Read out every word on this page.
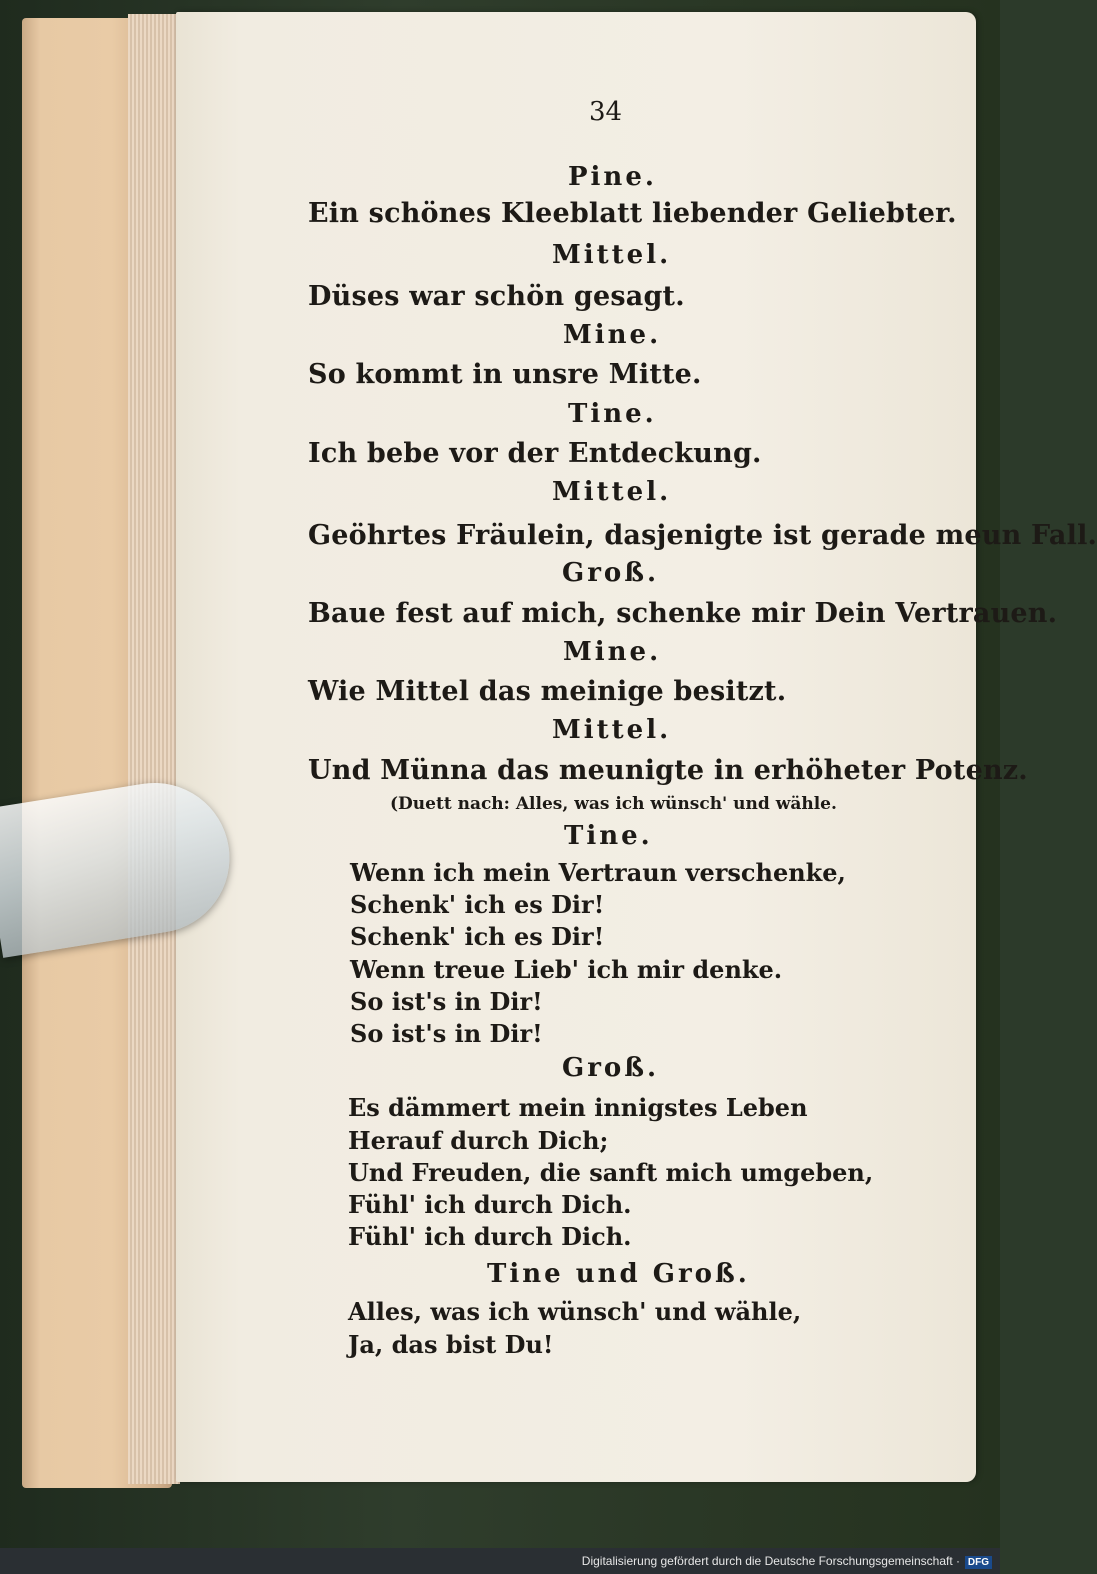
34
Pine.
Ein schönes Kleeblatt liebender Geliebter.
Mittel.
Düses war schön gesagt.
Mine.
So kommt in unsre Mitte.
Tine.
Ich bebe vor der Entdeckung.
Mittel.
Geöhrtes Fräulein, dasjenigte ist gerade meun Fall.
Groß.
Baue fest auf mich, schenke mir Dein Vertrauen.
Mine.
Wie Mittel das meinige besitzt.
Mittel.
Und Münna das meunigte in erhöheter Potenz.
(Duett nach: Alles, was ich wünsch' und wähle.
Tine.
Wenn ich mein Vertraun verschenke,
Schenk' ich es Dir!
Schenk' ich es Dir!
Wenn treue Lieb' ich mir denke.
So ist's in Dir!
So ist's in Dir!
Groß.
Es dämmert mein innigstes Leben
Herauf durch Dich;
Und Freuden, die sanft mich umgeben,
Fühl' ich durch Dich.
Fühl' ich durch Dich.
Tine und Groß.
Alles, was ich wünsch' und wähle,
Ja, das bist Du!
Digitalisierung gefördert durch die Deutsche Forschungsgemeinschaft · DFG
